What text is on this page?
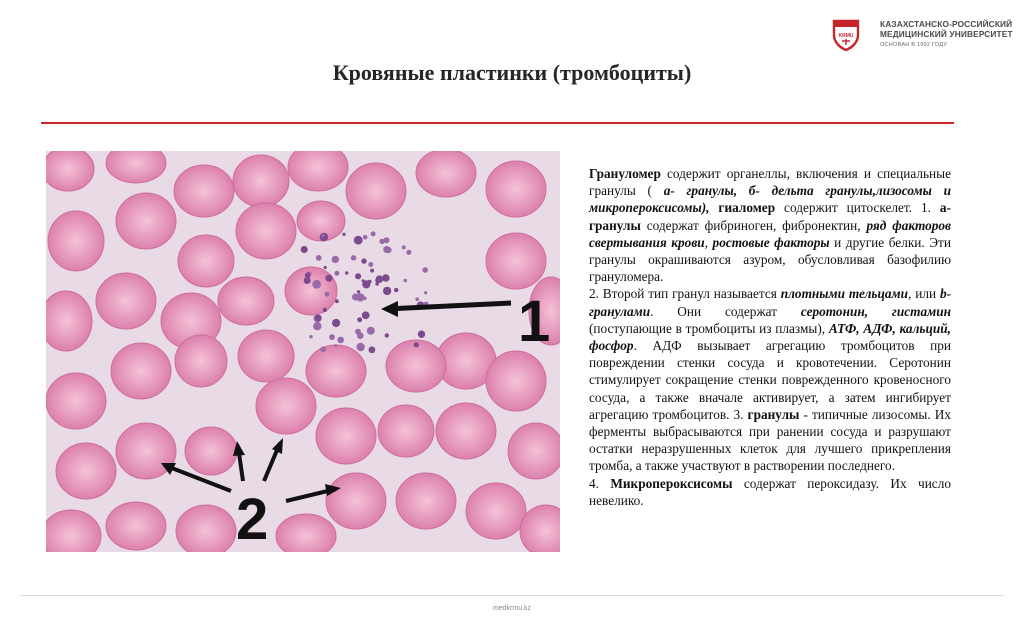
KRMU
КАЗАХСТАНСКО-РОССИЙСКИЙ
МЕДИЦИНСКИЙ УНИВЕРСИТЕТ
ОСНОВАН В 1992 ГОДУ
Кровяные пластинки (тромбоциты)
1
2

Грануломер содержит органеллы, включения и специальные гранулы ( а- гранулы, б- дельта гранулы,лизосомы и микропероксисомы), гиаломер содержит цитоскелет. 1. а-гранулы содержат фибриноген, фибронектин, ряд факторов свертывания крови, ростовые факторы и другие белки. Эти гранулы окрашиваются азуром, обусловливая базофилию грануломера.

2. Второй тип гранул называется плотными тельцами, или b-гранулами. Они содержат серотонин, гистамин (поступающие в тромбоциты из плазмы), АТФ, АДФ, кальций, фосфор. АДФ вызывает агрегацию тромбоцитов при повреждении стенки сосуда и кровотечении. Серотонин стимулирует сокращение стенки поврежденного кровеносного сосуда, а также вначале активирует, а затем ингибирует агрегацию тромбоцитов. 3. гранулы - типичные лизосомы. Их ферменты выбрасываются при ранении сосуда и разрушают остатки неразрушенных клеток для лучшего прикрепления тромба, а также участвуют в растворении последнего.

4. Микропероксисомы содержат пероксидазу. Их число невелико.

medkrmu.kz
